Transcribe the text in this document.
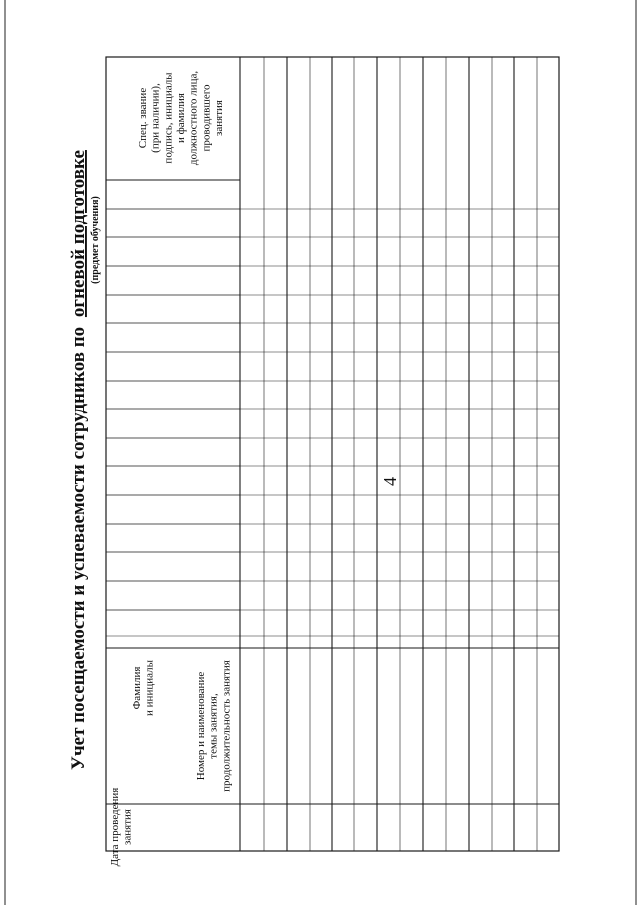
4
Учет посещаемости и успеваемости сотрудников по огневой подготовке (предмет обучения)
Дата проведениязанятия
Фамилияи инициалы	Номер и наименованиетемы занятия,продолжительность занятия
Спец. звание(при наличии),подпись, инициалыи фамилиядолжностного лица,проводившегозанятия
